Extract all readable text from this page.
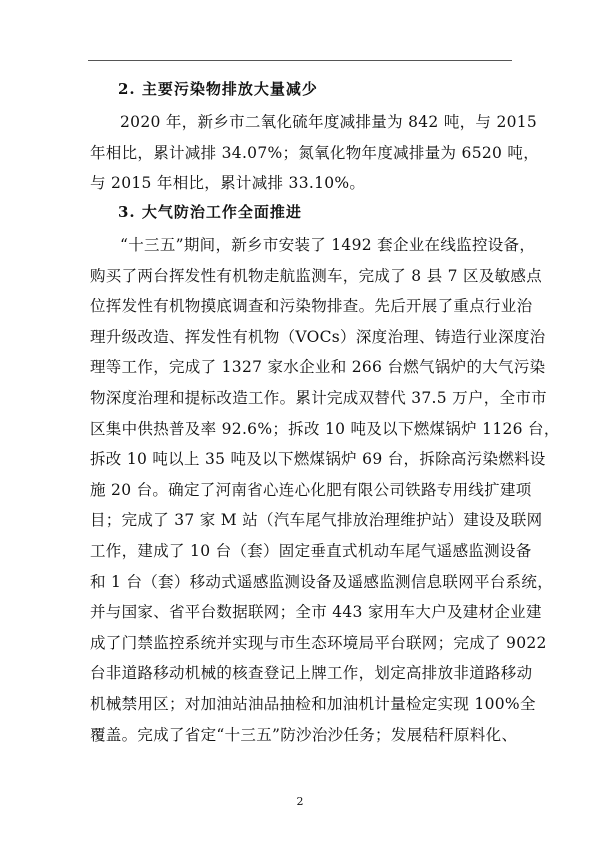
2. 主要污染物排放大量减少
2020 年，新乡市二氧化硫年度减排量为 842 吨，与 2015
年相比，累计减排 34.07%；氮氧化物年度减排量为 6520 吨，
与 2015 年相比，累计减排 33.10%。
3. 大气防治工作全面推进
“十三五”期间，新乡市安装了 1492 套企业在线监控设备，
购买了两台挥发性有机物走航监测车，完成了 8 县 7 区及敏感点
位挥发性有机物摸底调查和污染物排查。先后开展了重点行业治
理升级改造、挥发性有机物（VOCs）深度治理、铸造行业深度治
理等工作，完成了 1327 家水企业和 266 台燃气锅炉的大气污染
物深度治理和提标改造工作。累计完成双替代 37.5 万户，全市市
区集中供热普及率 92.6%；拆改 10 吨及以下燃煤锅炉 1126 台，
拆改 10 吨以上 35 吨及以下燃煤锅炉 69 台，拆除高污染燃料设
施 20 台。确定了河南省心连心化肥有限公司铁路专用线扩建项
目；完成了 37 家 M 站（汽车尾气排放治理维护站）建设及联网
工作，建成了 10 台（套）固定垂直式机动车尾气遥感监测设备
和 1 台（套）移动式遥感监测设备及遥感监测信息联网平台系统，
并与国家、省平台数据联网；全市 443 家用车大户及建材企业建
成了门禁监控系统并实现与市生态环境局平台联网；完成了 9022
台非道路移动机械的核查登记上牌工作，划定高排放非道路移动
机械禁用区；对加油站油品抽检和加油机计量检定实现 100%全
覆盖。完成了省定“十三五”防沙治沙任务；发展秸秆原料化、
2
